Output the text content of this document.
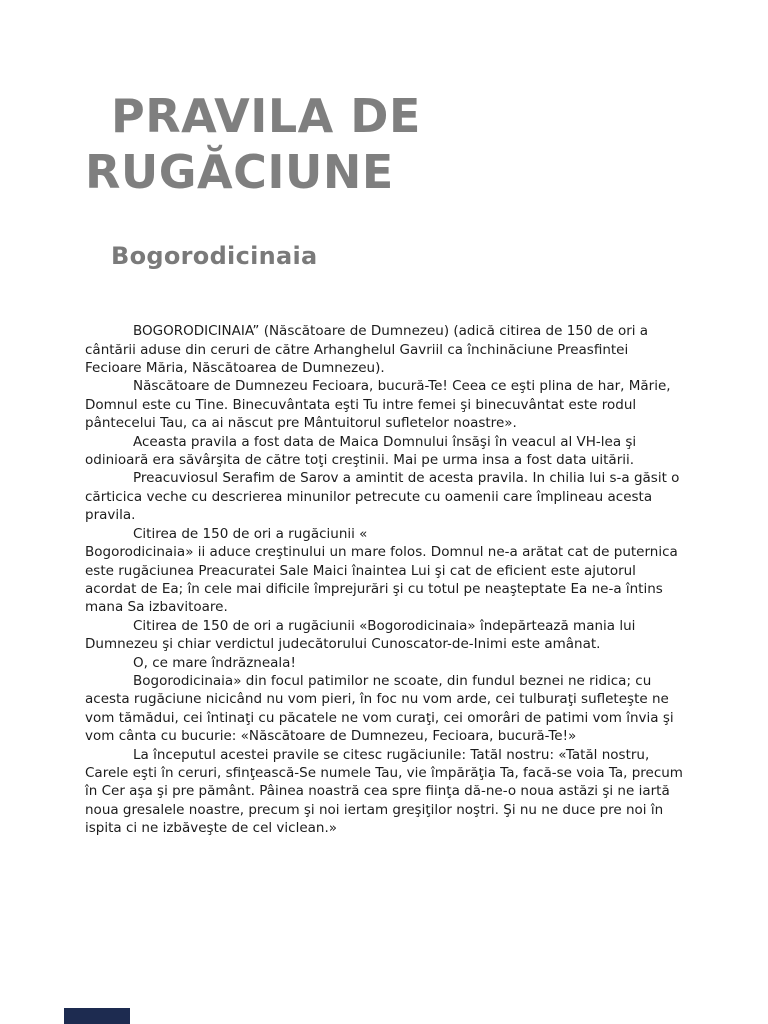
PRAVILA DE RUGĂCIUNE
Bogorodicinaia

BOGORODICINAIA” (Născătoare de Dumnezeu) (adică citirea de 150 de ori a cântării aduse din ceruri de către Arhanghelul Gavriil ca închinăciune Preasfintei Fecioare Măria, Născătoarea de Dumnezeu).

Născătoare de Dumnezeu Fecioara, bucură-Te! Ceea ce eşti plina de har, Mărie, Domnul este cu Tine. Binecuvântata eşti Tu intre femei şi binecuvântat este rodul pântecelui Tau, ca ai născut pre Mântuitorul sufletelor noastre».

Aceasta pravila a fost data de Maica Domnului însăşi în veacul al VH-lea şi odinioară era săvârşita de către toţi creştinii. Mai pe urma insa a fost data uitării.

Preacuviosul Serafim de Sarov a amintit de acesta pravila. In chilia lui s-a găsit o cărticica veche cu descrierea minunilor petrecute cu oamenii care împlineau acesta pravila.

Citirea de 150 de ori a rugăciunii «

Bogorodicinaia» ii aduce creştinului un mare folos. Domnul ne-a arătat cat de puternica este rugăciunea Preacuratei Sale Maici înaintea Lui şi cat de eficient este ajutorul acordat de Ea; în cele mai dificile împrejurări şi cu totul pe neaşteptate Ea ne-a întins mana Sa izbavitoare.

Citirea de 150 de ori a rugăciunii «Bogorodicinaia» îndepărtează mania lui Dumnezeu şi chiar verdictul judecătorului Cunoscator-de-Inimi este amânat.

O, ce mare îndrăzneala!

Bogorodicinaia» din focul patimilor ne scoate, din fundul beznei ne ridica; cu acesta rugăciune nicicând nu vom pieri, în foc nu vom arde, cei tulburaţi sufleteşte ne vom tămădui, cei întinaţi cu păcatele ne vom curaţi, cei omorâri de patimi vom învia şi vom cânta cu bucurie: «Născătoare de Dumnezeu, Fecioara, bucură-Te!»

La începutul acestei pravile se citesc rugăciunile: Tatăl nostru: «Tatăl nostru, Carele eşti în ceruri, sfinţească-Se numele Tau, vie împărăţia Ta, facă-se voia Ta, precum în Cer aşa şi pre pământ. Pâinea noastră cea spre fiinţa dă-ne-o noua astăzi şi ne iartă noua gresalele noastre, precum şi noi iertam greşiţilor noştri. Şi nu ne duce pre noi în ispita ci ne izbăveşte de cel viclean.»
